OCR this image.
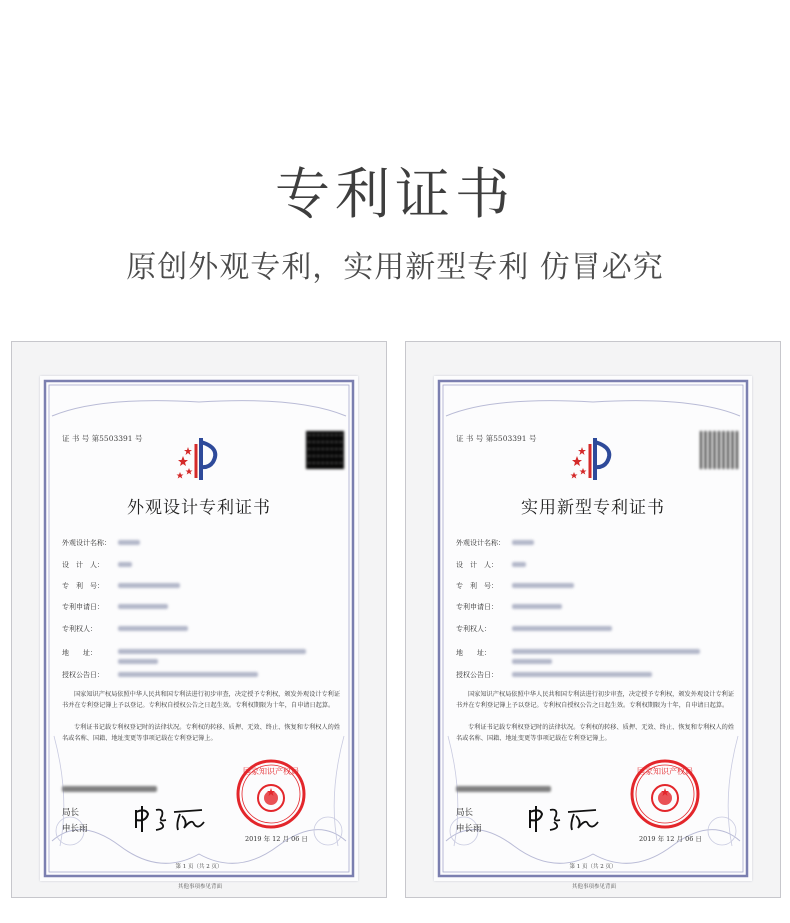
专利证书
原创外观专利，实用新型专利 仿冒必究
证 书 号 第5503391 号
外观设计专利证书
外观设计名称：
设　计　人：
专　利　号：
专利申请日：
专利权人：
地　　址：
授权公告日：
国家知识产权局依照中华人民共和国专利法进行初步审查，决定授予专利权，颁发外观设计专利证书并在专利登记簿上予以登记。专利权自授权公告之日起生效。专利权期限为十年，自申请日起算。
专利证书记载专利权登记时的法律状况。专利权的转移、质押、无效、终止、恢复和专利权人的姓名或名称、国籍、地址变更等事项记载在专利登记簿上。
局长
申长雨
国家知识产权局
2019 年 12 月 06 日
第 1 页（共 2 页）
其他事项参见背面
证 书 号 第5503391 号
实用新型专利证书
外观设计名称：
设　计　人：
专　利　号：
专利申请日：
专利权人：
地　　址：
授权公告日：
国家知识产权局依照中华人民共和国专利法进行初步审查，决定授予专利权，颁发外观设计专利证书并在专利登记簿上予以登记。专利权自授权公告之日起生效。专利权期限为十年，自申请日起算。
专利证书记载专利权登记时的法律状况。专利权的转移、质押、无效、终止、恢复和专利权人的姓名或名称、国籍、地址变更等事项记载在专利登记簿上。
局长
申长雨
国家知识产权局
2019 年 12 月 06 日
第 1 页（共 2 页）
其他事项参见背面
